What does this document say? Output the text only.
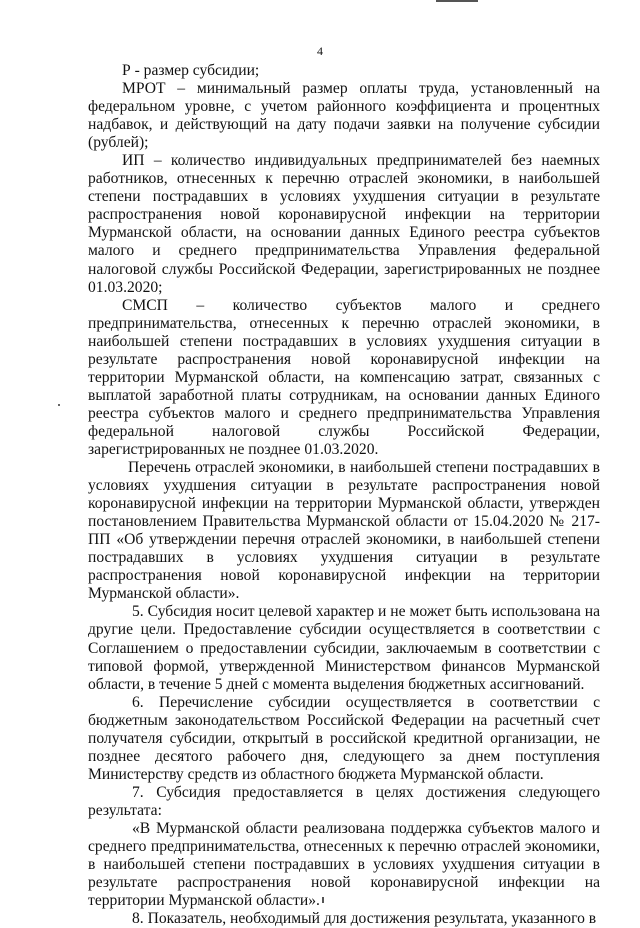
4

Р - размер субсидии;

МРОТ – минимальный размер оплаты труда, установленный на федеральном уровне, с учетом районного коэффициента и процентных надбавок, и действующий на дату подачи заявки на получение субсидии (рублей);

ИП – количество индивидуальных предпринимателей без наемных работников, отнесенных к перечню отраслей экономики, в наибольшей степени пострадавших в условиях ухудшения ситуации в результате распространения новой коронавирусной инфекции на территории Мурманской области, на основании данных Единого реестра субъектов малого и среднего предпринимательства Управления федеральной налоговой службы Российской Федерации, зарегистрированных не позднее 01.03.2020;

СМСП – количество субъектов малого и среднего предпринимательства, отнесенных к перечню отраслей экономики, в наибольшей степени пострадавших в условиях ухудшения ситуации в результате распространения новой коронавирусной инфекции на территории Мурманской области, на компенсацию затрат, связанных с выплатой заработной платы сотрудникам, на основании данных Единого реестра субъектов малого и среднего предпринимательства Управления федеральной налоговой службы Российской Федерации, зарегистрированных не позднее 01.03.2020.

Перечень отраслей экономики, в наибольшей степени пострадавших в условиях ухудшения ситуации в результате распространения новой коронавирусной инфекции на территории Мурманской области, утвержден постановлением Правительства Мурманской области от 15.04.2020 № 217-ПП «Об утверждении перечня отраслей экономики, в наибольшей степени пострадавших в условиях ухудшения ситуации в результате распространения новой коронавирусной инфекции на территории Мурманской области».

5. Субсидия носит целевой характер и не может быть использована на другие цели. Предоставление субсидии осуществляется в соответствии с Соглашением о предоставлении субсидии, заключаемым в соответствии с типовой формой, утвержденной Министерством финансов Мурманской области, в течение 5 дней с момента выделения бюджетных ассигнований.

6. Перечисление субсидии осуществляется в соответствии с бюджетным законодательством Российской Федерации на расчетный счет получателя субсидии, открытый в российской кредитной организации, не позднее десятого рабочего дня, следующего за днем поступления Министерству средств из областного бюджета Мурманской области.

7. Субсидия предоставляется в целях достижения следующего результата:

«В Мурманской области реализована поддержка субъектов малого и среднего предпринимательства, отнесенных к перечню отраслей экономики, в наибольшей степени пострадавших в условиях ухудшения ситуации в результате распространения новой коронавирусной инфекции на территории Мурманской области».

8. Показатель, необходимый для достижения результата, указанного в
